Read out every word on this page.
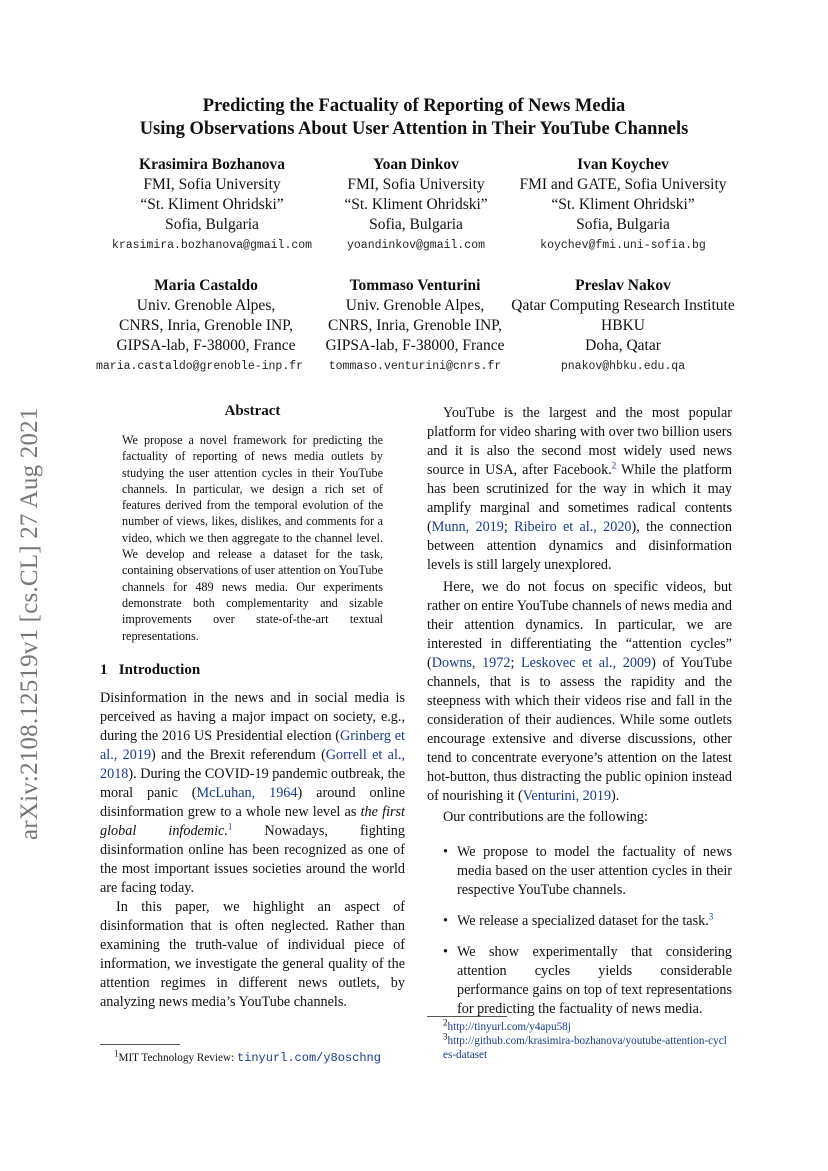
arXiv:2108.12519v1 [cs.CL] 27 Aug 2021
Predicting the Factuality of Reporting of News Media
Using Observations About User Attention in Their YouTube Channels
Krasimira Bozhanova
FMI, Sofia University
“St. Kliment Ohridski”
Sofia, Bulgaria
krasimira.bozhanova@gmail.com
Yoan Dinkov
FMI, Sofia University
“St. Kliment Ohridski”
Sofia, Bulgaria
yoandinkov@gmail.com
Ivan Koychev
FMI and GATE, Sofia University
“St. Kliment Ohridski”
Sofia, Bulgaria
koychev@fmi.uni-sofia.bg
Maria Castaldo
Univ. Grenoble Alpes,
CNRS, Inria, Grenoble INP,
GIPSA-lab, F-38000, France
maria.castaldo@grenoble-inp.fr
Tommaso Venturini
Univ. Grenoble Alpes,
CNRS, Inria, Grenoble INP,
GIPSA-lab, F-38000, France
tommaso.venturini@cnrs.fr
Preslav Nakov
Qatar Computing Research Institute
HBKU
Doha, Qatar
pnakov@hbku.edu.qa
Abstract
We propose a novel framework for predicting the factuality of reporting of news media outlets by studying the user attention cycles in their YouTube channels. In particular, we design a rich set of features derived from the temporal evolution of the number of views, likes, dislikes, and comments for a video, which we then aggregate to the channel level. We develop and release a dataset for the task, containing observations of user attention on YouTube channels for 489 news media. Our experiments demonstrate both complementarity and sizable improvements over state-of-the-art textual representations.
1   Introduction

Disinformation in the news and in social media is perceived as having a major impact on society, e.g., during the 2016 US Presidential election (Grinberg et al., 2019) and the Brexit referendum (Gorrell et al., 2018). During the COVID-19 pandemic outbreak, the moral panic (McLuhan, 1964) around online disinformation grew to a whole new level as the first global infodemic.$^1$ Nowadays, fighting disinformation online has been recognized as one of the most important issues societies around the world are facing today.

In this paper, we highlight an aspect of disinformation that is often neglected. Rather than examining the truth-value of individual piece of information, we investigate the general quality of the attention regimes in different news outlets, by analyzing news media’s YouTube channels.

$^1$MIT Technology Review: tinyurl.com/y8oschng

YouTube is the largest and the most popular platform for video sharing with over two billion users and it is also the second most widely used news source in USA, after Facebook.$^2$ While the platform has been scrutinized for the way in which it may amplify marginal and sometimes radical contents (Munn, 2019; Ribeiro et al., 2020), the connection between attention dynamics and disinformation levels is still largely unexplored.

Here, we do not focus on specific videos, but rather on entire YouTube channels of news media and their attention dynamics. In particular, we are interested in differentiating the “attention cycles” (Downs, 1972; Leskovec et al., 2009) of YouTube channels, that is to assess the rapidity and the steepness with which their videos rise and fall in the consideration of their audiences. While some outlets encourage extensive and diverse discussions, other tend to concentrate everyone’s attention on the latest hot-button, thus distracting the public opinion instead of nourishing it (Venturini, 2019).

Our contributions are the following:

• We propose to model the factuality of news media based on the user attention cycles in their respective YouTube channels.
• We release a specialized dataset for the task.$^3$
• We show experimentally that considering attention cycles yields considerable performance gains on top of text representations for predicting the factuality of news media.
$^2$http://tinyurl.com/y4apu58j
$^3$http://github.com/krasimira-bozhanova/youtube-attention-cycles-dataset
